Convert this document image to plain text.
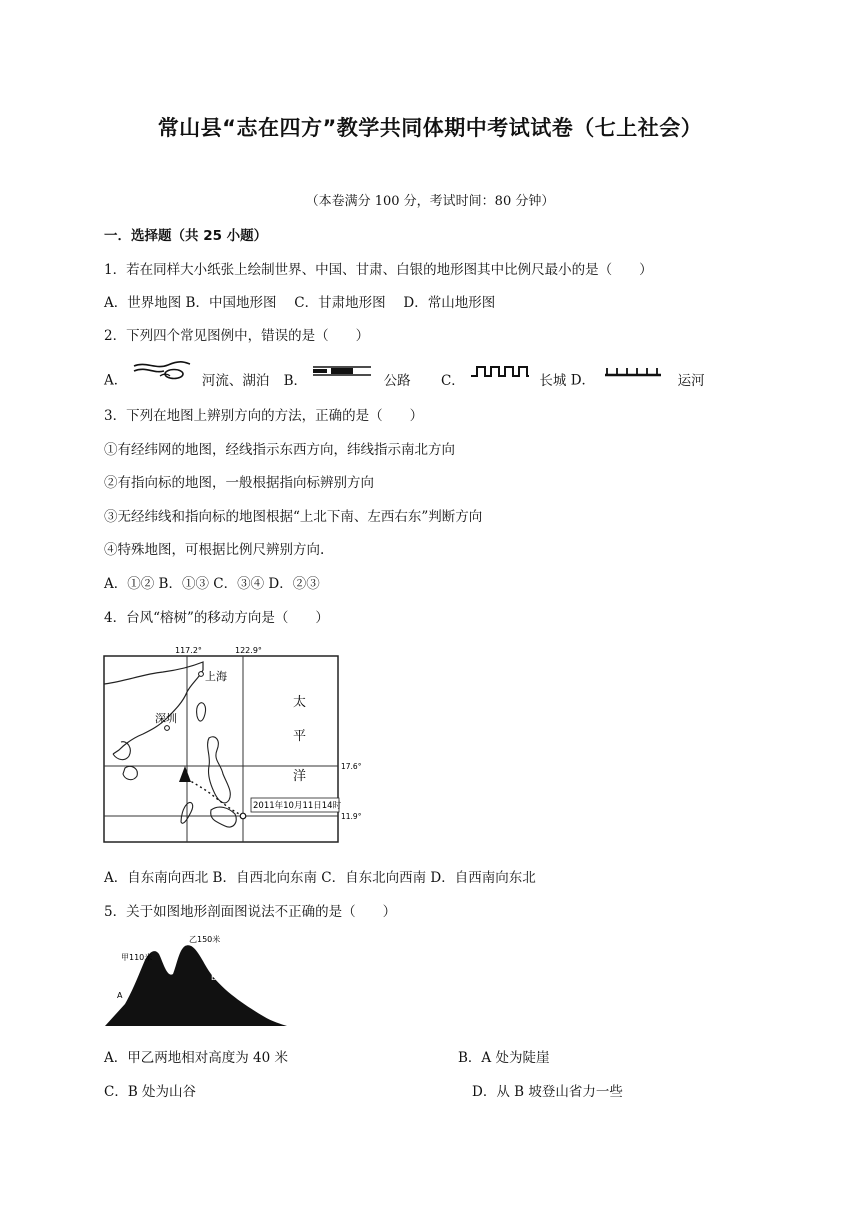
常山县“志在四方”教学共同体期中考试试卷（七上社会）
（本卷满分 100 分，考试时间：80 分钟）
一．选择题（共 25 小题）
1．若在同样大小纸张上绘制世界、中国、甘肃、白银的地形图其中比例尺最小的是（　　）
A．世界地图 B．中国地形图　 C．甘肃地形图　 D．常山地形图
2．下列四个常见图例中，错误的是（　　）
A．	河流、湖泊 B．	公路 C．	长城 D．	运河
3．下列在地图上辨别方向的方法，正确的是（　　）
①有经纬网的地图，经线指示东西方向，纬线指示南北方向
②有指向标的地图，一般根据指向标辨别方向
③无经纬线和指向标的地图根据“上北下南、左西右东”判断方向
④特殊地图，可根据比例尺辨别方向.
A．①② B．①③ C．③④ D．②③
4．台风“榕树”的移动方向是（　　）
117.2°	122.9°
17.6°
11.9°
上海
深圳
太
平
洋
2011年10月11日14时
A．自东南向西北 B．自西北向东南 C．自东北向西南 D．自西南向东北
5．关于如图地形剖面图说法不正确的是（　　）
乙150米
甲110米
A
B
A．甲乙两地相对高度为 40 米	B．A 处为陡崖
C．B 处为山谷	D．从 B 坡登山省力一些
